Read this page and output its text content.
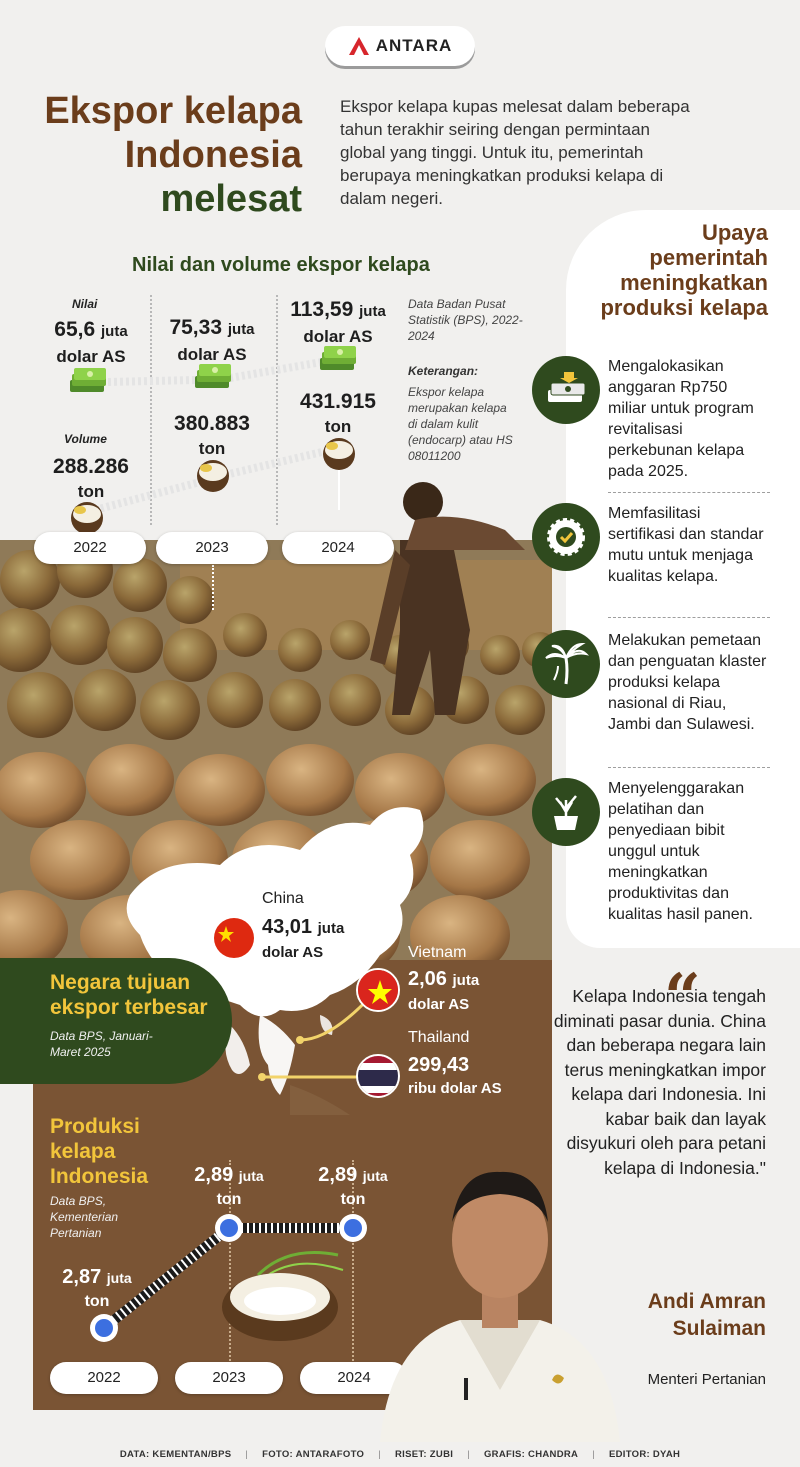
ANTARA
Ekspor kelapa
Indonesia
melesat
Ekspor kelapa kupas melesat dalam beberapa tahun terakhir seiring dengan permintaan global yang tinggi. Untuk itu, pemerintah berupaya meningkatkan produksi kelapa di dalam negeri.
Nilai dan volume ekspor kelapa
Nilai
65,6 juta
dolar AS
Volume
288.286
ton
75,33 juta
dolar AS
380.883
ton
113,59 juta
dolar AS
431.915
ton
2022	2023	2024
Data Badan Pusat Statistik (BPS), 2022-2024
Keterangan:
Ekspor kelapa merupakan kelapa di dalam kulit (endocarp) atau HS 08011200
Upaya pemerintah meningkatkan produksi kelapa
Mengalokasikan anggaran Rp750 miliar untuk program revitalisasi perkebunan kelapa pada 2025.
Memfasilitasi sertifikasi dan standar mutu untuk menjaga kualitas kelapa.
Melakukan pemetaan dan penguatan klaster produksi kelapa nasional di Riau, Jambi dan Sulawesi.
Menyelenggarakan pelatihan dan penyediaan bibit unggul untuk meningkatkan produktivitas dan kualitas hasil panen.
Negara tujuan ekspor terbesar
Data BPS, Januari-Maret 2025
China
43,01 juta
dolar AS	Vietnam
2,06 juta
dolar AS
Thailand
299,43
ribu dolar AS
Produksi kelapa Indonesia
Data BPS, Kementerian Pertanian
2,87 juta
ton
2,89 juta
ton
2,89 juta
ton
2022	2023	2024
“
Kelapa Indonesia tengah diminati pasar dunia. China dan beberapa negara lain terus meningkatkan impor kelapa dari Indonesia. Ini kabar baik dan layak disyukuri oleh para petani kelapa di Indonesia."
Andi Amran Sulaiman
Menteri Pertanian
DATA: KEMENTAN/BPS | FOTO: ANTARAFOTO | RISET: ZUBI | GRAFIS: CHANDRA | EDITOR: DYAH
